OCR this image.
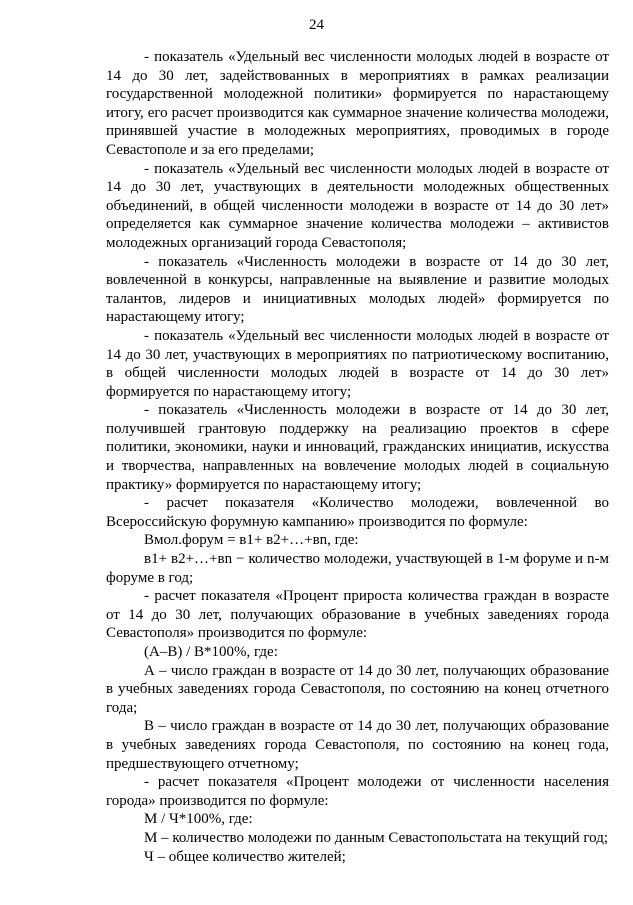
24

- показатель «Удельный вес численности молодых людей в возрасте от 14 до 30 лет, задействованных в мероприятиях в рамках реализации государственной молодежной политики» формируется по нарастающему итогу, его расчет производится как суммарное значение количества молодежи, принявшей участие в молодежных мероприятиях, проводимых в городе Севастополе и за его пределами;

- показатель «Удельный вес численности молодых людей в возрасте от 14 до 30 лет, участвующих в деятельности молодежных общественных объединений, в общей численности молодежи в возрасте от 14 до 30 лет» определяется как суммарное значение количества молодежи – активистов молодежных организаций города Севастополя;

- показатель «Численность молодежи в возрасте от 14 до 30 лет, вовлеченной в конкурсы, направленные на выявление и развитие молодых талантов, лидеров и инициативных молодых людей» формируется по нарастающему итогу;

- показатель «Удельный вес численности молодых людей в возрасте от 14 до 30 лет, участвующих в мероприятиях по патриотическому воспитанию, в общей численности молодых людей в возрасте от 14 до 30 лет» формируется по нарастающему итогу;

- показатель «Численность молодежи в возрасте от 14 до 30 лет, получившей грантовую поддержку на реализацию проектов в сфере политики, экономики, науки и инноваций, гражданских инициатив, искусства и творчества, направленных на вовлечение молодых людей в социальную практику» формируется по нарастающему итогу;

- расчет показателя «Количество молодежи, вовлеченной во Всероссийскую форумную кампанию» производится по формуле:

Вмол.форум = в1+ в2+…+вn, где:

в1+ в2+…+вn − количество молодежи, участвующей в 1-м форуме и n-м форуме в год;

- расчет показателя «Процент прироста количества граждан в возрасте от 14 до 30 лет, получающих образование в учебных заведениях города Севастополя» производится по формуле:

(А–В) / В*100%, где:

А – число граждан в возрасте от 14 до 30 лет, получающих образование в учебных заведениях города Севастополя, по состоянию на конец отчетного года;

В – число граждан в возрасте от 14 до 30 лет, получающих образование в учебных заведениях города Севастополя, по состоянию на конец года, предшествующего отчетному;

- расчет показателя «Процент молодежи от численности населения города» производится по формуле:

М / Ч*100%, где:

М – количество молодежи по данным Севастопольстата на текущий год;

Ч – общее количество жителей;
